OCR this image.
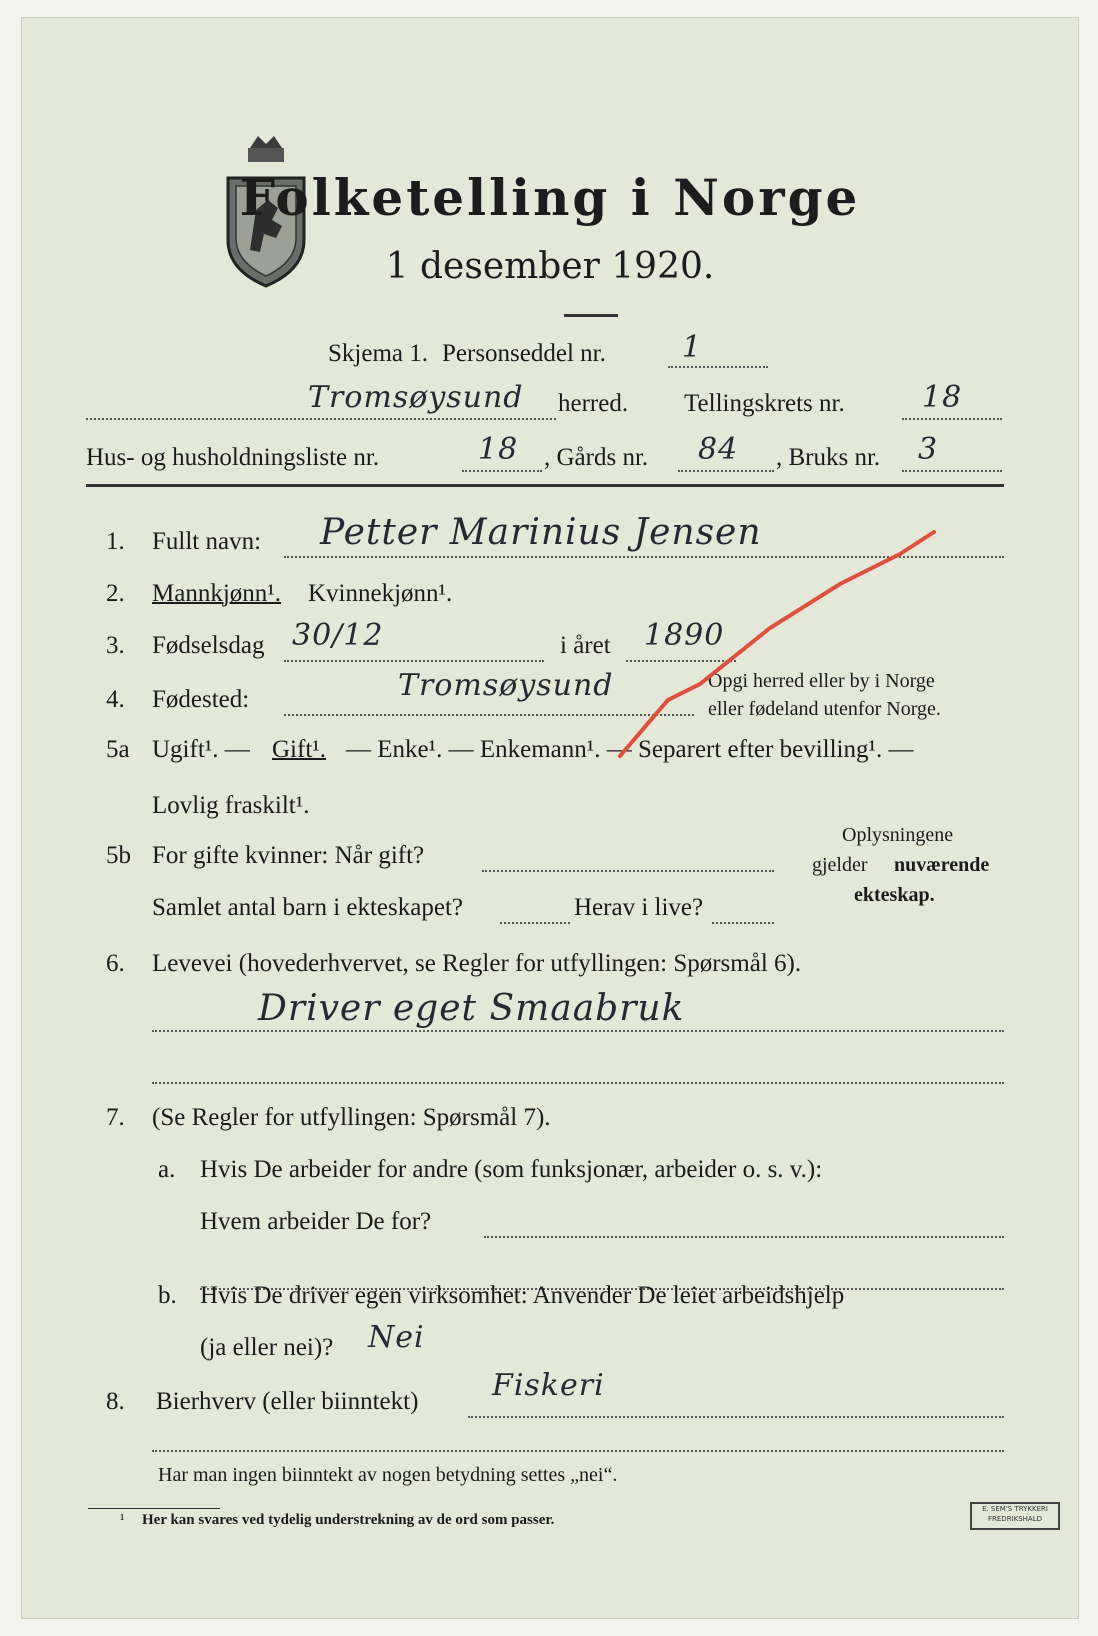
Folketelling i Norge
1 desember 1920.
Skjema 1. Personseddel nr.	1
Tromsøysund herred. Tellingskrets nr.	18
Hus- og husholdningsliste nr.	18 , Gårds nr. 84 , Bruks nr. 3
1. Fullt navn: Petter Marinius Jensen
2. Mannkjønn¹. Kvinnekjønn¹.
3. Fødselsdag 30/12	i året 1890
4. Fødested:	Tromsøysund	Opgi herred eller by i Norge
eller fødeland utenfor Norge.
5a Ugift¹. — Gift¹. — Enke¹. — Enkemann¹. — Separert efter bevilling¹. —
Lovlig fraskilt¹.
5b For gifte kvinner: Når gift?
Samlet antal barn i ekteskapet?	Herav i live?
Oplysningene
gjelder nuværende
ekteskap.
6. Levevei (hovederhvervet, se Regler for utfyllingen: Spørsmål 6).
Driver eget Smaabruk
7. (Se Regler for utfyllingen: Spørsmål 7).
a. Hvis De arbeider for andre (som funksjonær, arbeider o. s. v.):
Hvem arbeider De for?
b. Hvis De driver egen virksomhet: Anvender De leiet arbeidshjelp
(ja eller nei)? Nei
8. Bierhverv (eller biinntekt) Fiskeri
Har man ingen biinntekt av nogen betydning settes „nei“.
¹ Her kan svares ved tydelig understrekning av de ord som passer.
E. SEM'S TRYKKERI FREDRIKSHALD
